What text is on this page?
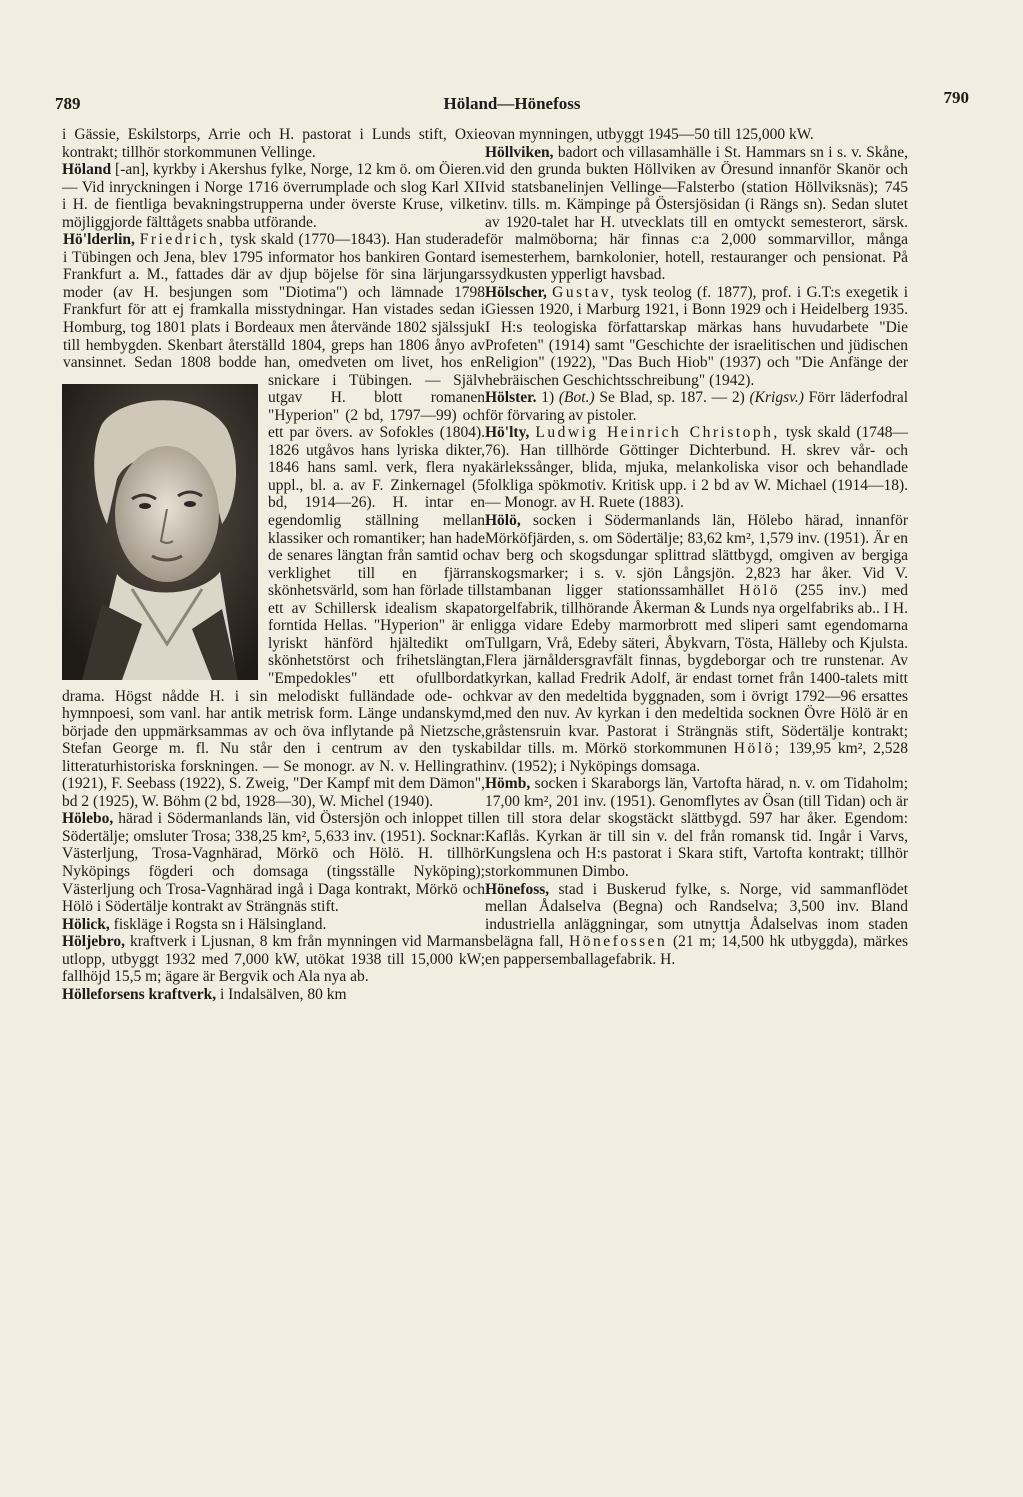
789	Höland—Hönefoss	790

i Gässie, Eskilstorps, Arrie och H. pastorat i Lunds stift, Oxie kontrakt; tillhör storkommunen Vellinge.

Höland [-an], kyrkby i Akershus fylke, Norge, 12 km ö. om Öieren. — Vid inryckningen i Norge 1716 överrumplade och slog Karl XII i H. de fientliga bevakningstrupperna under överste Kruse, vilket möjliggjorde fälttågets snabba utförande.

Hö'lderlin, Friedrich, tysk skald (1770—1843). Han studerade i Tübingen och Jena, blev 1795 informator hos bankiren Gontard i Frankfurt a. M., fattades där av djup böjelse för sina lärjungars moder (av H. besjungen som "Diotima") och lämnade 1798 Frankfurt för att ej framkalla misstydningar. Han vistades sedan i Homburg, tog 1801 plats i Bordeaux men återvände 1802 själssjuk till hembygden. Skenbart återställd 1804, greps han 1806 ånyo av vansinnet. Sedan 1808 bodde han, omedveten om livet, hos en snickare i Tübingen. — Själv utgav H. blott romanen "Hyperion" (2 bd, 1797—99) och ett par övers. av Sofokles (1804). 1826 utgåvos hans lyriska dikter, 1846 hans saml. verk, flera nya uppl., bl. a. av F. Zinkernagel (5 bd, 1914—26). H. intar en egendomlig ställning mellan klassiker och romantiker; han hade de senares längtan från samtid och verklighet till en fjärran skönhetsvärld, som han förlade till ett av Schillersk idealism skapat forntida Hellas. "Hyperion" är en lyriskt hänförd hjältedikt om skönhetstörst och frihetslängtan, "Empedokles" ett ofullbordat drama. Högst nådde H. i sin melodiskt fulländade ode- och hymnpoesi, som vanl. har antik metrisk form. Länge undanskymd, började den uppmärksammas av och öva inflytande på Nietzsche, Stefan George m. fl. Nu står den i centrum av den tyska litteraturhistoriska forskningen. — Se monogr. av N. v. Hellingrath (1921), F. Seebass (1922), S. Zweig, "Der Kampf mit dem Dämon", bd 2 (1925), W. Böhm (2 bd, 1928—30), W. Michel (1940).

Hölebo, härad i Södermanlands län, vid Östersjön och inloppet till Södertälje; omsluter Trosa; 338,25 km², 5,633 inv. (1951). Socknar: Västerljung, Trosa-Vagnhärad, Mörkö och Hölö. H. tillhör Nyköpings fögderi och domsaga (tingsställe Nyköping); Västerljung och Trosa-Vagnhärad ingå i Daga kontrakt, Mörkö och Hölö i Södertälje kontrakt av Strängnäs stift.

Hölick, fiskläge i Rogsta sn i Hälsingland.

Höljebro, kraftverk i Ljusnan, 8 km från mynningen vid Marmans utlopp, utbyggt 1932 med 7,000 kW, utökat 1938 till 15,000 kW; fallhöjd 15,5 m; ägare är Bergvik och Ala nya ab.

Hölleforsens kraftverk, i Indalsälven, 80 km

ovan mynningen, utbyggt 1945—50 till 125,000 kW.

Höllviken, badort och villasamhälle i St. Hammars sn i s. v. Skåne, vid den grunda bukten Höllviken av Öresund innanför Skanör och vid statsbanelinjen Vellinge—Falsterbo (station Höllviksnäs); 745 inv. tills. m. Kämpinge på Östersjösidan (i Rängs sn). Sedan slutet av 1920-talet har H. utvecklats till en omtyckt semesterort, särsk. för malmöborna; här finnas c:a 2,000 sommarvillor, många semesterhem, barnkolonier, hotell, restauranger och pensionat. På sydkusten ypperligt havsbad.

Hölscher, Gustav, tysk teolog (f. 1877), prof. i G.T:s exegetik i Giessen 1920, i Marburg 1921, i Bonn 1929 och i Heidelberg 1935. I H:s teologiska författarskap märkas hans huvudarbete "Die Profeten" (1914) samt "Geschichte der israelitischen und jüdischen Religion" (1922), "Das Buch Hiob" (1937) och "Die Anfänge der hebräischen Geschichtsschreibung" (1942).

Hölster. 1) (Bot.) Se Blad, sp. 187. — 2) (Krigsv.) Förr läderfodral för förvaring av pistoler.

Hö'lty, Ludwig Heinrich Christoph, tysk skald (1748—76). Han tillhörde Göttinger Dichterbund. H. skrev vår- och kärlekssånger, blida, mjuka, melankoliska visor och behandlade folkliga spökmotiv. Kritisk upp. i 2 bd av W. Michael (1914—18). — Monogr. av H. Ruete (1883).

Hölö, socken i Södermanlands län, Hölebo härad, innanför Mörköfjärden, s. om Södertälje; 83,62 km², 1,579 inv. (1951). Är en av berg och skogsdungar splittrad slättbygd, omgiven av bergiga skogsmarker; i s. v. sjön Långsjön. 2,823 har åker. Vid V. stambanan ligger stationssamhället Hölö (255 inv.) med orgelfabrik, tillhörande Åkerman & Lunds nya orgelfabriks ab.. I H. ligga vidare Edeby marmorbrott med sliperi samt egendomarna Tullgarn, Vrå, Edeby säteri, Åbykvarn, Tösta, Hälleby och Kjulsta. Flera järnåldersgravfält finnas, bygdeborgar och tre runstenar. Av kyrkan, kallad Fredrik Adolf, är endast tornet från 1400-talets mitt kvar av den medeltida byggnaden, som i övrigt 1792—96 ersattes med den nuv. Av kyrkan i den medeltida socknen Övre Hölö är en gråstensruin kvar. Pastorat i Strängnäs stift, Södertälje kontrakt; bildar tills. m. Mörkö storkommunen Hölö; 139,95 km², 2,528 inv. (1952); i Nyköpings domsaga.

Hömb, socken i Skaraborgs län, Vartofta härad, n. v. om Tidaholm; 17,00 km², 201 inv. (1951). Genomflytes av Ösan (till Tidan) och är en till stora delar skogstäckt slättbygd. 597 har åker. Egendom: Kaflås. Kyrkan är till sin v. del från romansk tid. Ingår i Varvs, Kungslena och H:s pastorat i Skara stift, Vartofta kontrakt; tillhör storkommunen Dimbo.

Hönefoss, stad i Buskerud fylke, s. Norge, vid sammanflödet mellan Ådalselva (Begna) och Randselva; 3,500 inv. Bland industriella anläggningar, som utnyttja Ådalselvas inom staden belägna fall, Hönefossen (21 m; 14,500 hk utbyggda), märkes en pappersemballagefabrik. H.
